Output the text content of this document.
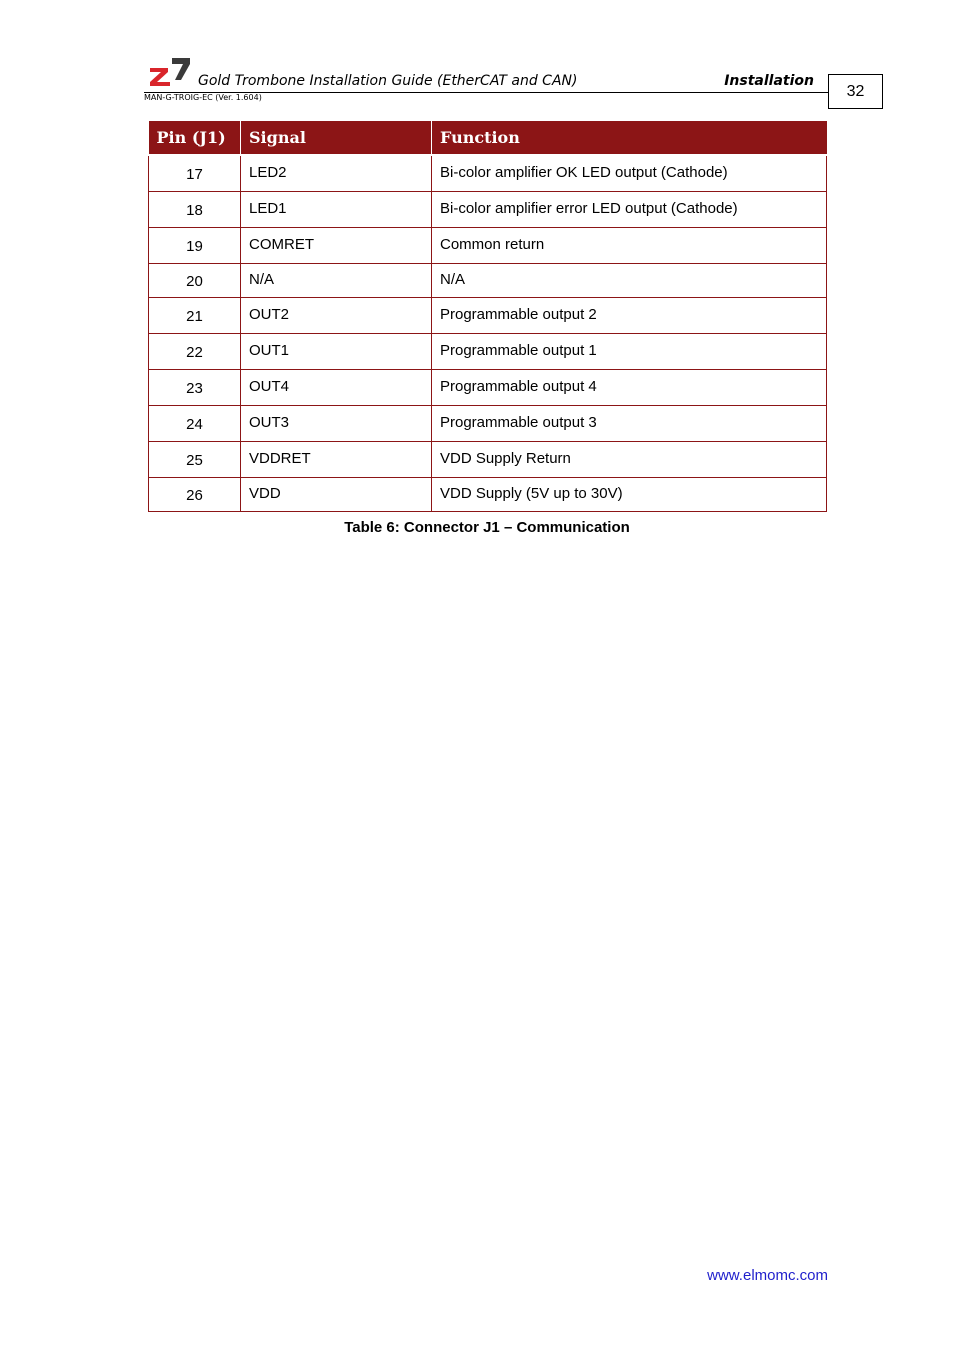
Gold Trombone Installation Guide (EtherCAT and CAN)	Installation
MAN-G-TROIG-EC (Ver. 1.604)	32
Pin (J1)	Signal	Function
17	LED2	Bi-color amplifier OK LED output (Cathode)
18	LED1	Bi-color amplifier error LED output (Cathode)
19	COMRET	Common return
20	N/A	N/A
21	OUT2	Programmable output 2
22	OUT1	Programmable output 1
23	OUT4	Programmable output 4
24	OUT3	Programmable output 3
25	VDDRET	VDD Supply Return
26	VDD	VDD Supply (5V up to 30V)
Table 6: Connector J1 – Communication
www.elmomc.com
